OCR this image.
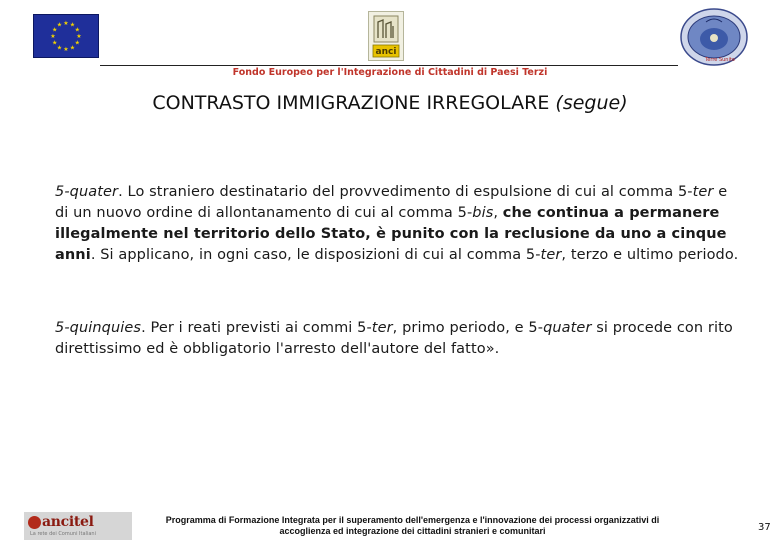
★ ★
★
★
★
★
★
★
★
★
★
★
anci
Terre Sunite
Fondo Europeo per l'Integrazione di Cittadini di Paesi Terzi
CONTRASTO IMMIGRAZIONE IRREGOLARE (segue)
5-quater. Lo straniero destinatario del provvedimento di espulsione di cui al comma 5-ter e di un nuovo ordine di allontanamento di cui al comma 5-bis, che continua a permanere illegalmente nel territorio dello Stato, è punito con la reclusione da uno a cinque anni. Si applicano, in ogni caso, le disposizioni di cui al comma 5-ter, terzo e ultimo periodo.
5-quinquies. Per i reati previsti ai commi 5-ter, primo periodo, e 5-quater si procede con rito direttissimo ed è obbligatorio l'arresto dell'autore del fatto».
ancitel
La rete dei Comuni Italiani
Programma di Formazione Integrata per il superamento dell'emergenza e l'innovazione dei processi organizzativi di
accoglienza ed integrazione dei cittadini stranieri e comunitari	37
